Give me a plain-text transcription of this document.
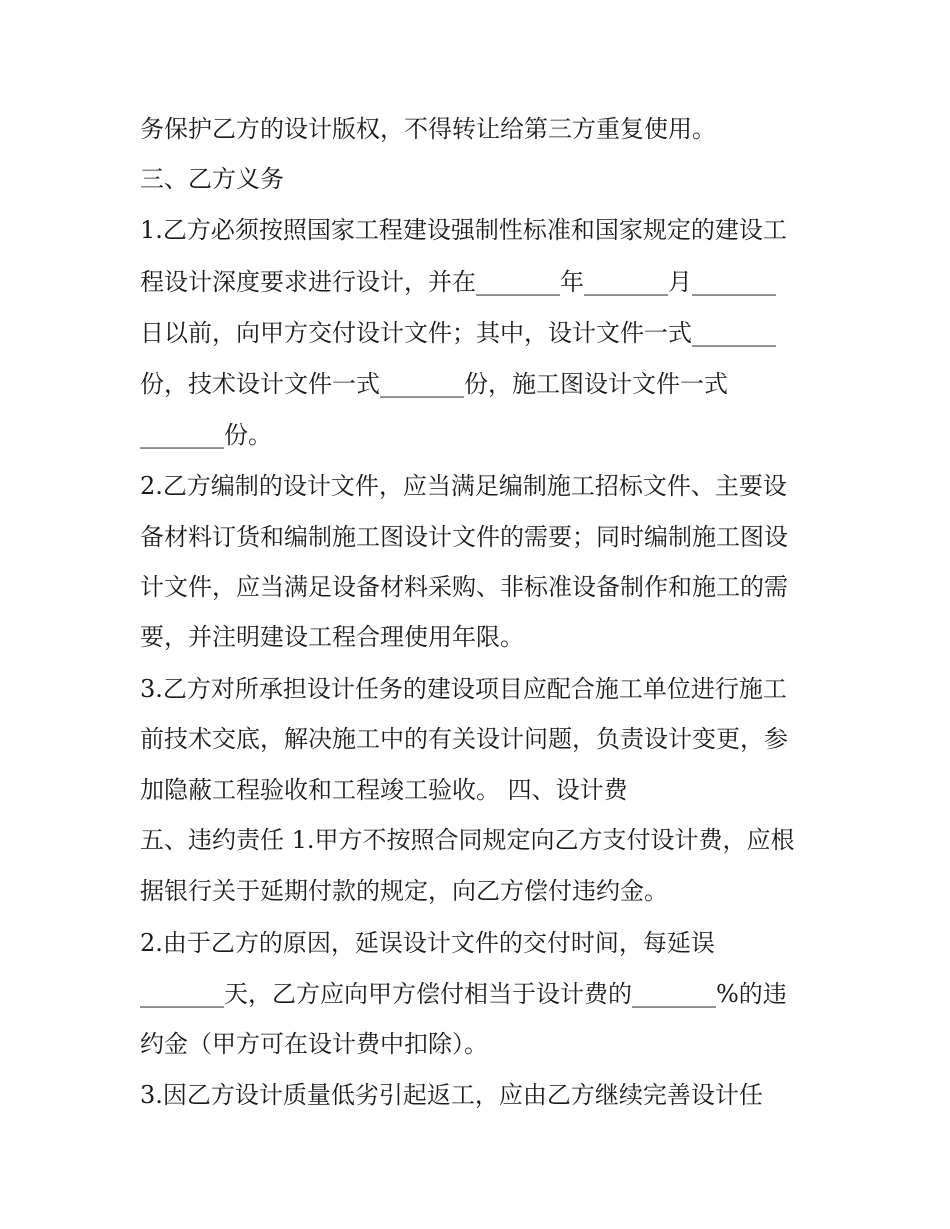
务保护乙方的设计版权，不得转让给第三方重复使用。
三、乙方义务
1.乙方必须按照国家工程建设强制性标准和国家规定的建设工
程设计深度要求进行设计，并在_______年_______月_______
日以前，向甲方交付设计文件；其中，设计文件一式_______
份，技术设计文件一式_______份，施工图设计文件一式
_______份。
2.乙方编制的设计文件，应当满足编制施工招标文件、主要设
备材料订货和编制施工图设计文件的需要；同时编制施工图设
计文件，应当满足设备材料采购、非标准设备制作和施工的需
要，并注明建设工程合理使用年限。
3.乙方对所承担设计任务的建设项目应配合施工单位进行施工
前技术交底，解决施工中的有关设计问题，负责设计变更，参
加隐蔽工程验收和工程竣工验收。 四、设计费
五、违约责任 1.甲方不按照合同规定向乙方支付设计费，应根
据银行关于延期付款的规定，向乙方偿付违约金。
2.由于乙方的原因，延误设计文件的交付时间，每延误
_______天，乙方应向甲方偿付相当于设计费的_______%的违
约金（甲方可在设计费中扣除）。
3.因乙方设计质量低劣引起返工，应由乙方继续完善设计任
